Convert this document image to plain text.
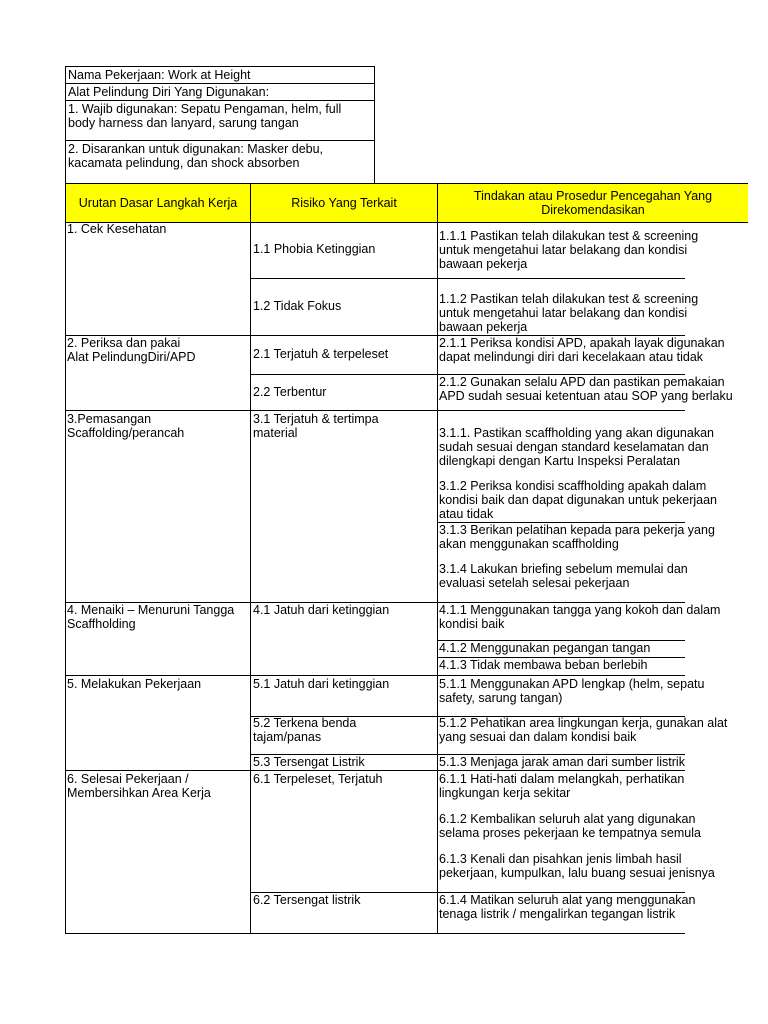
Nama Pekerjaan: Work at Height
Alat Pelindung Diri Yang Digunakan:
1. Wajib digunakan: Sepatu Pengaman, helm, full
body harness dan lanyard, sarung tangan
2. Disarankan untuk digunakan: Masker debu,
kacamata pelindung, dan shock absorben
Urutan Dasar Langkah Kerja	Risiko Yang Terkait	Tindakan atau Prosedur Pencegahan Yang
Direkomendasikan
1. Cek Kesehatan
2. Periksa dan pakai
Alat PelindungDiri/APD
3.Pemasangan
Scaffolding/perancah
4. Menaiki – Menuruni Tangga
Scaffholding
5. Melakukan Pekerjaan
6. Selesai Pekerjaan /
Membersihkan Area Kerja
1.1 Phobia Ketinggian
1.2 Tidak Fokus
2.1 Terjatuh & terpeleset
2.2 Terbentur
3.1 Terjatuh & tertimpa
material
4.1 Jatuh dari ketinggian
5.1 Jatuh dari ketinggian
5.2 Terkena benda
tajam/panas
5.3 Tersengat Listrik
6.1 Terpeleset, Terjatuh
6.2 Tersengat listrik
1.1.1 Pastikan telah dilakukan test & screening
untuk mengetahui latar belakang dan kondisi
bawaan pekerja
1.1.2 Pastikan telah dilakukan test & screening
untuk mengetahui latar belakang dan kondisi
bawaan pekerja
2.1.1 Periksa kondisi APD, apakah layak digunakan
dapat melindungi diri dari kecelakaan atau tidak
2.1.2 Gunakan selalu APD dan pastikan pemakaian
APD sudah sesuai ketentuan atau SOP yang berlaku
3.1.1. Pastikan scaffholding yang akan digunakan
sudah sesuai dengan standard keselamatan dan
dilengkapi dengan Kartu Inspeksi Peralatan
3.1.2 Periksa kondisi scaffholding apakah dalam
kondisi baik dan dapat digunakan untuk pekerjaan
atau tidak
3.1.3 Berikan pelatihan kepada para pekerja yang
akan menggunakan scaffholding
3.1.4 Lakukan briefing sebelum memulai dan
evaluasi setelah selesai pekerjaan
4.1.1 Menggunakan tangga yang kokoh dan dalam
kondisi baik
4.1.2 Menggunakan pegangan tangan
4.1.3 Tidak membawa beban berlebih
5.1.1 Menggunakan APD lengkap (helm, sepatu
safety, sarung tangan)
5.1.2 Pehatikan area lingkungan kerja, gunakan alat
yang sesuai dan dalam kondisi baik
5.1.3 Menjaga jarak aman dari sumber listrik
6.1.1 Hati-hati dalam melangkah, perhatikan
lingkungan kerja sekitar
6.1.2 Kembalikan seluruh alat yang digunakan
selama proses pekerjaan ke tempatnya semula
6.1.3 Kenali dan pisahkan jenis limbah hasil
pekerjaan, kumpulkan, lalu buang sesuai jenisnya
6.1.4 Matikan seluruh alat yang menggunakan
tenaga listrik / mengalirkan tegangan listrik
